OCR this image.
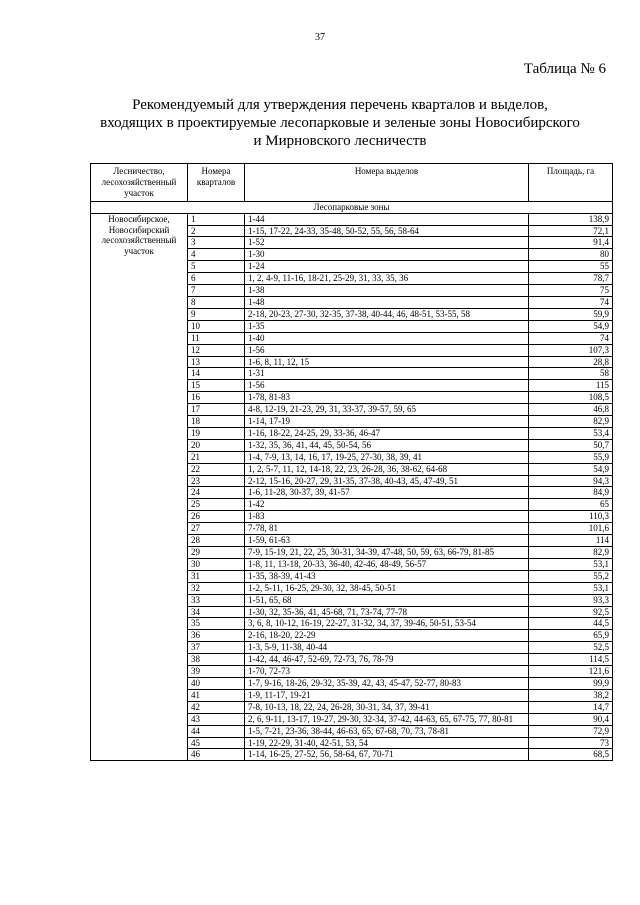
37
Таблица № 6
Рекомендуемый для утверждения перечень кварталов и выделов,
входящих в проектируемые лесопарковые и зеленые зоны Новосибирского
и Мирновского лесничеств
Лесничество, лесохозяйственный участок	Номера кварталов	Номера выделов	Площадь, га
Лесопарковые зоны			
Новосибирское, Новосибирский лесохозяйственный участок	1	1-44	138,9
	2	1-15, 17-22, 24-33, 35-48, 50-52, 55, 56, 58-64	72,1
	3	1-52	91,4
	4	1-30	80
	5	1-24	55
	6	1, 2, 4-9, 11-16, 18-21, 25-29, 31, 33, 35, 36	78,7
	7	1-38	75
	8	1-48	74
	9	2-18, 20-23, 27-30, 32-35, 37-38, 40-44, 46, 48-51, 53-55, 58	59,9
	10	1-35	54,9
	11	1-40	74
	12	1-56	107,3
	13	1-6, 8, 11, 12, 15	28,8
	14	1-31	58
	15	1-56	115
	16	1-78, 81-83	108,5
	17	4-8, 12-19, 21-23, 29, 31, 33-37, 39-57, 59, 65	46,8
	18	1-14, 17-19	82,9
	19	1-16, 18-22, 24-25, 29, 33-36, 46-47	53,4
	20	1-32, 35, 36, 41, 44, 45, 50-54, 56	50,7
	21	1-4, 7-9, 13, 14, 16, 17, 19-25, 27-30, 38, 39, 41	55,9
	22	1, 2, 5-7, 11, 12, 14-18, 22, 23, 26-28, 36, 38-62, 64-68	54,9
	23	2-12, 15-16, 20-27, 29, 31-35, 37-38, 40-43, 45, 47-49, 51	94,3
	24	1-6, 11-28, 30-37, 39, 41-57	84,9
	25	1-42	65
	26	1-83	110,3
	27	7-78, 81	101,6
	28	1-59, 61-63	114
	29	7-9, 15-19, 21, 22, 25, 30-31, 34-39, 47-48, 50, 59, 63, 66-79, 81-85	82,9
	30	1-8, 11, 13-18, 20-33, 36-40, 42-46, 48-49, 56-57	53,1
	31	1-35, 38-39, 41-43	55,2
	32	1-2, 5-11, 16-25, 29-30, 32, 38-45, 50-51	53,1
	33	1-51, 65, 68	93,3
	34	1-30, 32, 35-36, 41, 45-68, 71, 73-74, 77-78	92,5
	35	3, 6, 8, 10-12, 16-19, 22-27, 31-32, 34, 37, 39-46, 50-51, 53-54	44,5
	36	2-16, 18-20, 22-29	65,9
	37	1-3, 5-9, 11-38, 40-44	52,5
	38	1-42, 44, 46-47, 52-69, 72-73, 76, 78-79	114,5
	39	1-70, 72-73	121,6
	40	1-7, 9-16, 18-26, 29-32, 35-39, 42, 43, 45-47, 52-77, 80-83	99,9
	41	1-9, 11-17, 19-21	38,2
	42	7-8, 10-13, 18, 22, 24, 26-28, 30-31, 34, 37, 39-41	14,7
	43	2, 6, 9-11, 13-17, 19-27, 29-30, 32-34, 37-42, 44-63, 65, 67-75, 77, 80-81	90,4
	44	1-5, 7-21, 23-36, 38-44, 46-63, 65, 67-68, 70, 73, 78-81	72,9
	45	1-19, 22-29, 31-40, 42-51, 53, 54	73
	46	1-14, 16-25, 27-52, 56, 58-64, 67, 70-71	68,5
